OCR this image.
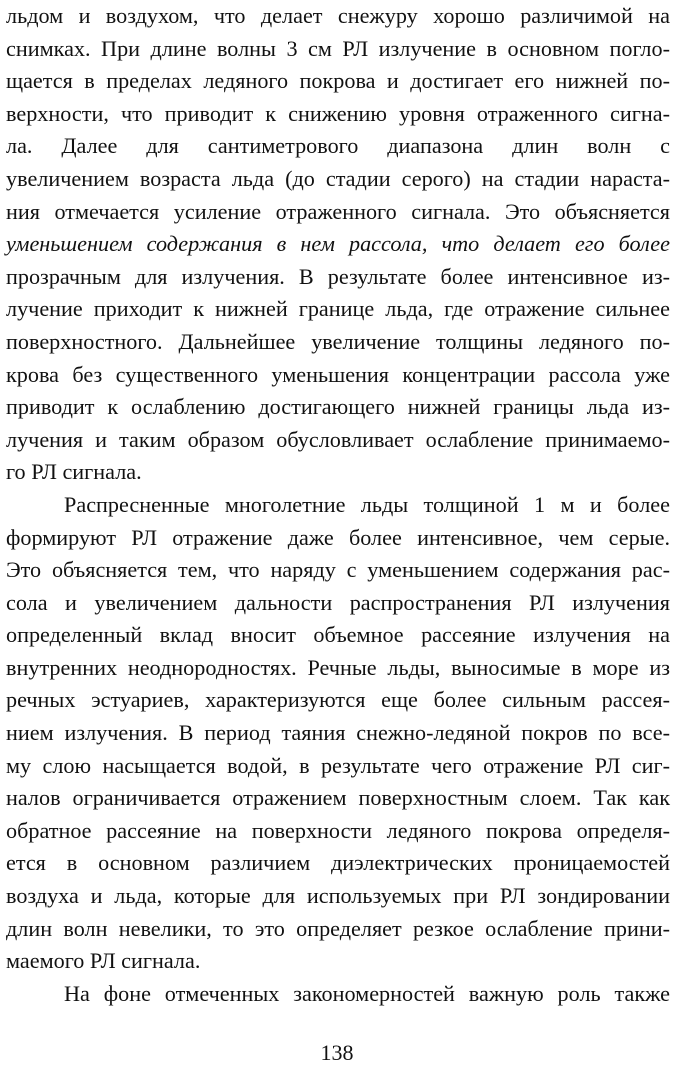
льдом и воздухом, что делает снежуру хорошо различимой на
снимках. При длине волны 3 см РЛ излучение в основном погло-
щается в пределах ледяного покрова и достигает его нижней по-
верхности, что приводит к снижению уровня отраженного сигна-
ла. Далее для сантиметрового диапазона длин волн с
увеличением возраста льда (до стадии серого) на стадии нараста-
ния отмечается усиление отраженного сигнала. Это объясняется
уменьшением содержания в нем рассола, что делает его более
прозрачным для излучения. В результате более интенсивное из-
лучение приходит к нижней границе льда, где отражение сильнее
поверхностного. Дальнейшее увеличение толщины ледяного по-
крова без существенного уменьшения концентрации рассола уже
приводит к ослаблению достигающего нижней границы льда из-
лучения и таким образом обусловливает ослабление принимаемо-
го РЛ сигнала.
Распресненные многолетние льды толщиной 1 м и более
формируют РЛ отражение даже более интенсивное, чем серые.
Это объясняется тем, что наряду с уменьшением содержания рас-
сола и увеличением дальности распространения РЛ излучения
определенный вклад вносит объемное рассеяние излучения на
внутренних неоднородностях. Речные льды, выносимые в море из
речных эстуариев, характеризуются еще более сильным рассея-
нием излучения. В период таяния снежно-ледяной покров по все-
му слою насыщается водой, в результате чего отражение РЛ сиг-
налов ограничивается отражением поверхностным слоем. Так как
обратное рассеяние на поверхности ледяного покрова определя-
ется в основном различием диэлектрических проницаемостей
воздуха и льда, которые для используемых при РЛ зондировании
длин волн невелики, то это определяет резкое ослабление прини-
маемого РЛ сигнала.
На фоне отмеченных закономерностей важную роль также
138
